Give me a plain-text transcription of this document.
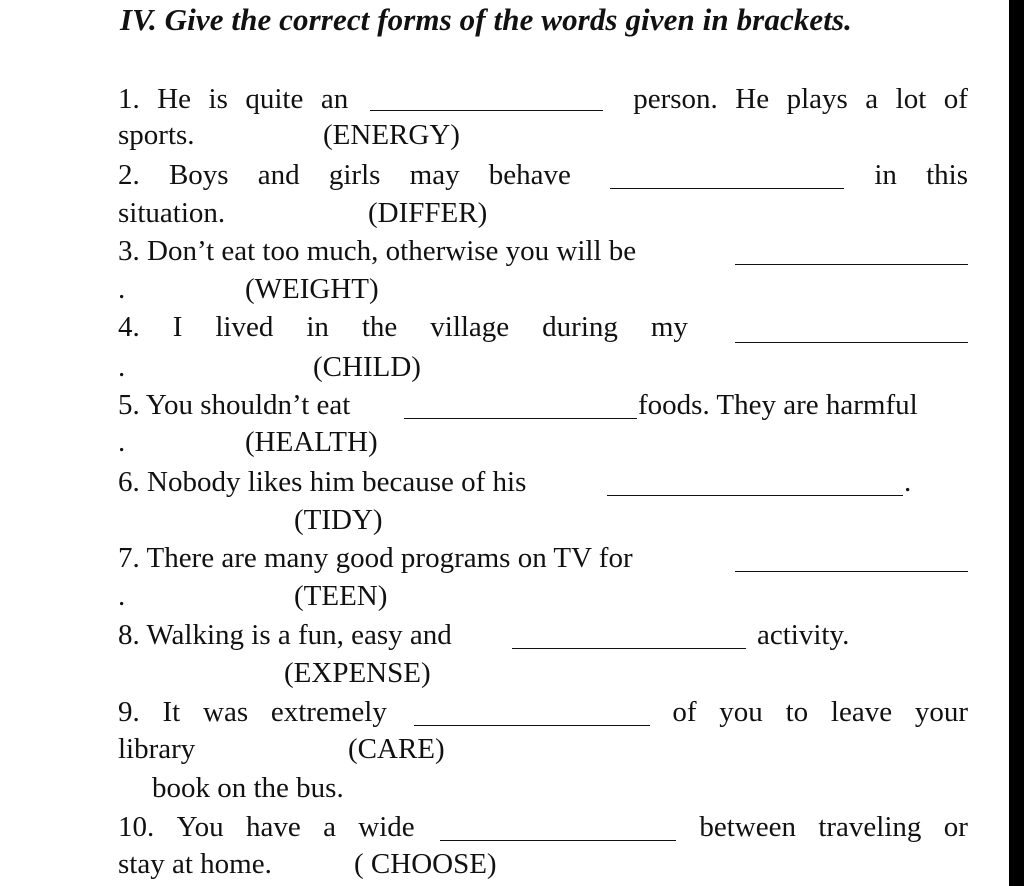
IV. Give the correct forms of the words given in brackets.
1. He is quite an	person. He plays a lot of
sports.	(ENERGY)
2. Boys and girls may behave	in this
situation.	(DIFFER)
3. Don’t eat too much, otherwise you will be
.	(WEIGHT)
4. I lived in the village during my
.	(CHILD)
5. You shouldn’t eat	foods. They are harmful
.	(HEALTH)
6. Nobody likes him because of his	.
(TIDY)
7. There are many good programs on TV for
.	(TEEN)
8. Walking is a fun, easy and	activity.
(EXPENSE)
9. It was extremely	of you to leave your
library	(CARE)
book on the bus.
10. You have a wide	between traveling or
stay at home.	( CHOOSE)
